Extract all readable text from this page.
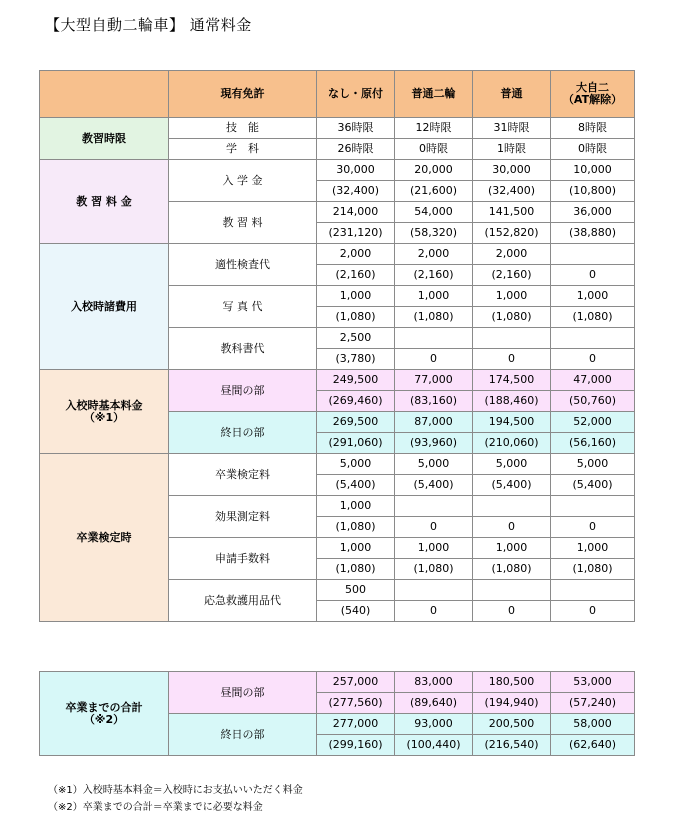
【大型自動二輪車】 通常料金
	現有免許	なし・原付	普通二輪	普通	大自二
（AT解除）
教習時限	技　能	36時限	12時限	31時限	8時限
	学　科	26時限	0時限	1時限	0時限
教 習 料 金	入 学 金	30,000	20,000	30,000	10,000
		(32,400)	(21,600)	(32,400)	(10,800)
	教 習 料	214,000	54,000	141,500	36,000
		(231,120)	(58,320)	(152,820)	(38,880)
入校時諸費用	適性検査代	2,000	2,000	2,000	
		(2,160)	(2,160)	(2,160)	0
	写 真 代	1,000	1,000	1,000	1,000
		(1,080)	(1,080)	(1,080)	(1,080)
	教科書代	2,500			
		(3,780)	0	0	0
入校時基本料金
（※1）	昼間の部	249,500	77,000	174,500	47,000
		(269,460)	(83,160)	(188,460)	(50,760)
	終日の部	269,500	87,000	194,500	52,000
		(291,060)	(93,960)	(210,060)	(56,160)
卒業検定時	卒業検定料	5,000	5,000	5,000	5,000
		(5,400)	(5,400)	(5,400)	(5,400)
	効果測定料	1,000			
		(1,080)	0	0	0
	申請手数料	1,000	1,000	1,000	1,000
		(1,080)	(1,080)	(1,080)	(1,080)
	応急救護用品代	500			
		(540)	0	0	0
卒業までの合計
（※2）	昼間の部	257,000	83,000	180,500	53,000
		(277,560)	(89,640)	(194,940)	(57,240)
	終日の部	277,000	93,000	200,500	58,000
		(299,160)	(100,440)	(216,540)	(62,640)
（※1）入校時基本料金＝入校時にお支払いいただく料金
（※2）卒業までの合計＝卒業までに必要な料金
